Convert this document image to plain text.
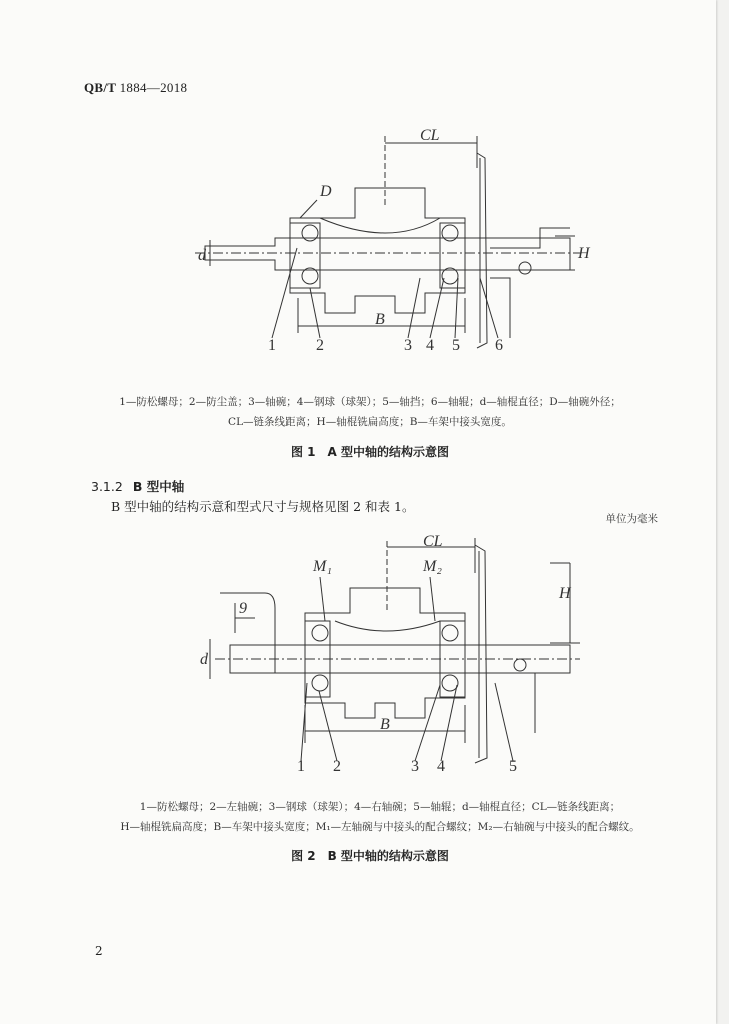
QB/T 1884—2018
CL
D
d	H
B
1	2	3 4 5 6
1—防松螺母；2—防尘盖；3—轴碗；4—钢球（球架）；5—轴挡；6—轴辊；d—轴棍直径；D—轴碗外径；
CL—链条线距离；H—轴棍铣扁高度；B—车架中接头宽度。
图 1　A 型中轴的结构示意图
3.1.2 B 型中轴
B 型中轴的结构示意和型式尺寸与规格见图 2 和表 1。
单位为毫米
CL
M₁	M₂
d
H
B
9
1 2	3 4	5
1—防松螺母；2—左轴碗；3—钢球（球架）；4—右轴碗；5—轴辊；d—轴棍直径；CL—链条线距离；
H—轴棍铣扁高度；B—车架中接头宽度；M₁—左轴碗与中接头的配合螺纹；M₂—右轴碗与中接头的配合螺纹。
图 2　B 型中轴的结构示意图
2
